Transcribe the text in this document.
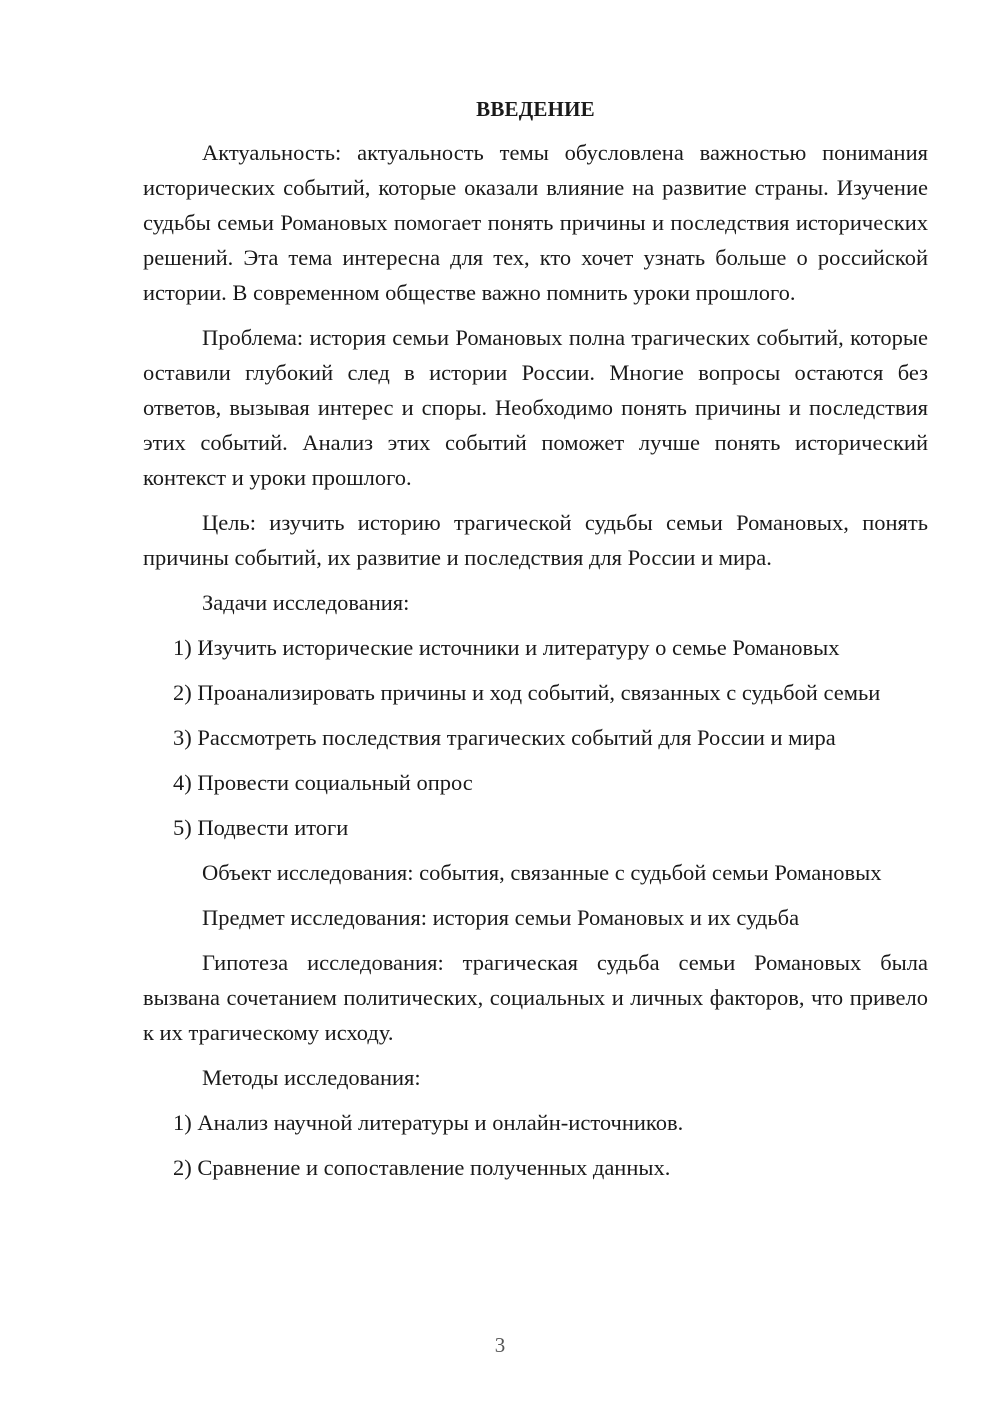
ВВЕДЕНИЕ

Актуальность: актуальность темы обусловлена важностью понимания исторических событий, которые оказали влияние на развитие страны. Изучение судьбы семьи Романовых помогает понять причины и последствия исторических решений. Эта тема интересна для тех, кто хочет узнать больше о российской истории. В современном обществе важно помнить уроки прошлого.

Проблема: история семьи Романовых полна трагических событий, которые оставили глубокий след в истории России. Многие вопросы остаются без ответов, вызывая интерес и споры. Необходимо понять причины и последствия этих событий. Анализ этих событий поможет лучше понять исторический контекст и уроки прошлого.

Цель: изучить историю трагической судьбы семьи Романовых, понять причины событий, их развитие и последствия для России и мира.

Задачи исследования:

1) Изучить исторические источники и литературу о семье Романовых

2) Проанализировать причины и ход событий, связанных с судьбой семьи

3) Рассмотреть последствия трагических событий для России и мира

4) Провести социальный опрос

5) Подвести итоги

Объект исследования: события, связанные с судьбой семьи Романовых

Предмет исследования: история семьи Романовых и их судьба

Гипотеза исследования: трагическая судьба семьи Романовых была вызвана сочетанием политических, социальных и личных факторов, что привело к их трагическому исходу.

Методы исследования:

1) Анализ научной литературы и онлайн-источников.

2) Сравнение и сопоставление полученных данных.

3
